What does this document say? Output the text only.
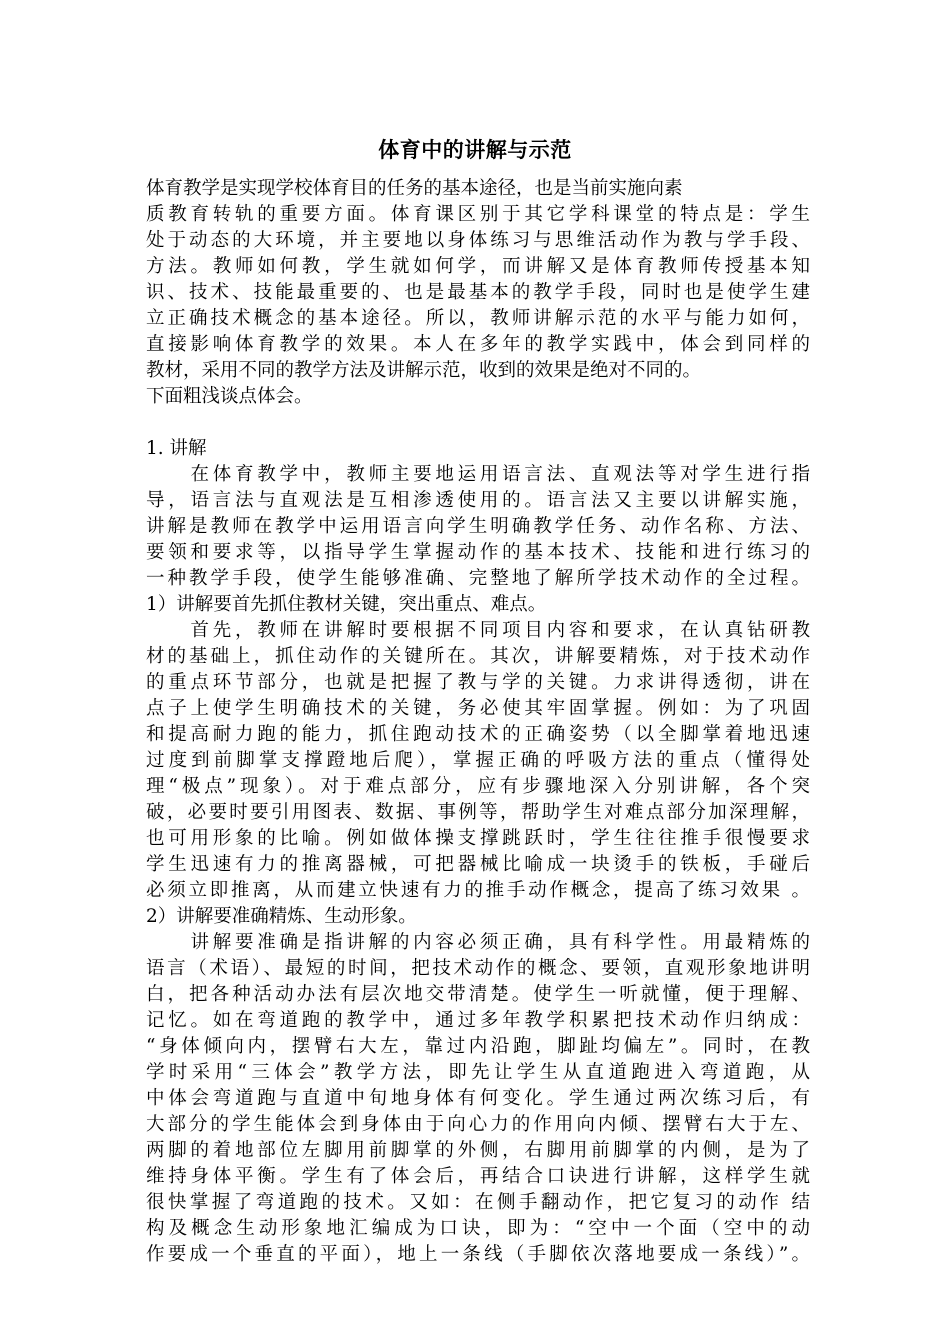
体育中的讲解与示范

体育教学是实现学校体育目的任务的基本途径，也是当前实施向素

质教育转轨的重要方面。体育课区别于其它学科课堂的特点是：学生

处于动态的大环境，并主要地以身体练习与思维活动作为教与学手段、

方法。教师如何教，学生就如何学，而讲解又是体育教师传授基本知

识、技术、技能最重要的、也是最基本的教学手段，同时也是使学生建

立正确技术概念的基本途径。所以，教师讲解示范的水平与能力如何，

直接影响体育教学的效果。本人在多年的教学实践中，体会到同样的

教材，采用不同的教学方法及讲解示范，收到的效果是绝对不同的。

下面粗浅谈点体会。

1. 讲解

　　在体育教学中，教师主要地运用语言法、直观法等对学生进行指

导，语言法与直观法是互相渗透使用的。语言法又主要以讲解实施，

讲解是教师在教学中运用语言向学生明确教学任务、动作名称、方法、

要领和要求等，以指导学生掌握动作的基本技术、技能和进行练习的

一种教学手段，使学生能够准确、完整地了解所学技术动作的全过程。

1）讲解要首先抓住教材关键，突出重点、难点。

　　首先，教师在讲解时要根据不同项目内容和要求，在认真钻研教

材的基础上，抓住动作的关键所在。其次，讲解要精炼，对于技术动作

的重点环节部分，也就是把握了教与学的关键。力求讲得透彻，讲在

点子上使学生明确技术的关键，务必使其牢固掌握。例如：为了巩固

和提高耐力跑的能力，抓住跑动技术的正确姿势（以全脚掌着地迅速

过度到前脚掌支撑蹬地后爬），掌握正确的呼吸方法的重点（懂得处

理“极点”现象）。对于难点部分，应有步骤地深入分别讲解，各个突

破，必要时要引用图表、数据、事例等，帮助学生对难点部分加深理解，

也可用形象的比喻。例如做体操支撑跳跃时，学生往往推手很慢要求

学生迅速有力的推离器械，可把器械比喻成一块烫手的铁板，手碰后

必须立即推离，从而建立快速有力的推手动作概念，提高了练习效果 。

2）讲解要准确精炼、生动形象。

　　讲解要准确是指讲解的内容必须正确，具有科学性。用最精炼的

语言（术语）、最短的时间，把技术动作的概念、要领，直观形象地讲明

白，把各种活动办法有层次地交带清楚。使学生一听就懂，便于理解、

记忆。如在弯道跑的教学中，通过多年教学积累把技术动作归纳成：

“身体倾向内，摆臂右大左，靠过内沿跑，脚趾均偏左”。同时，在教

学时采用“三体会”教学方法，即先让学生从直道跑进入弯道跑，从

中体会弯道跑与直道中旬地身体有何变化。学生通过两次练习后，有

大部分的学生能体会到身体由于向心力的作用向内倾、摆臂右大于左、

两脚的着地部位左脚用前脚掌的外侧，右脚用前脚掌的内侧，是为了

维持身体平衡。学生有了体会后，再结合口诀进行讲解，这样学生就

很快掌握了弯道跑的技术。又如：在侧手翻动作，把它复习的动作 结

构及概念生动形象地汇编成为口诀，即为：“空中一个面（空中的动

作要成一个垂直的平面），地上一条线（手脚依次落地要成一条线）”。
